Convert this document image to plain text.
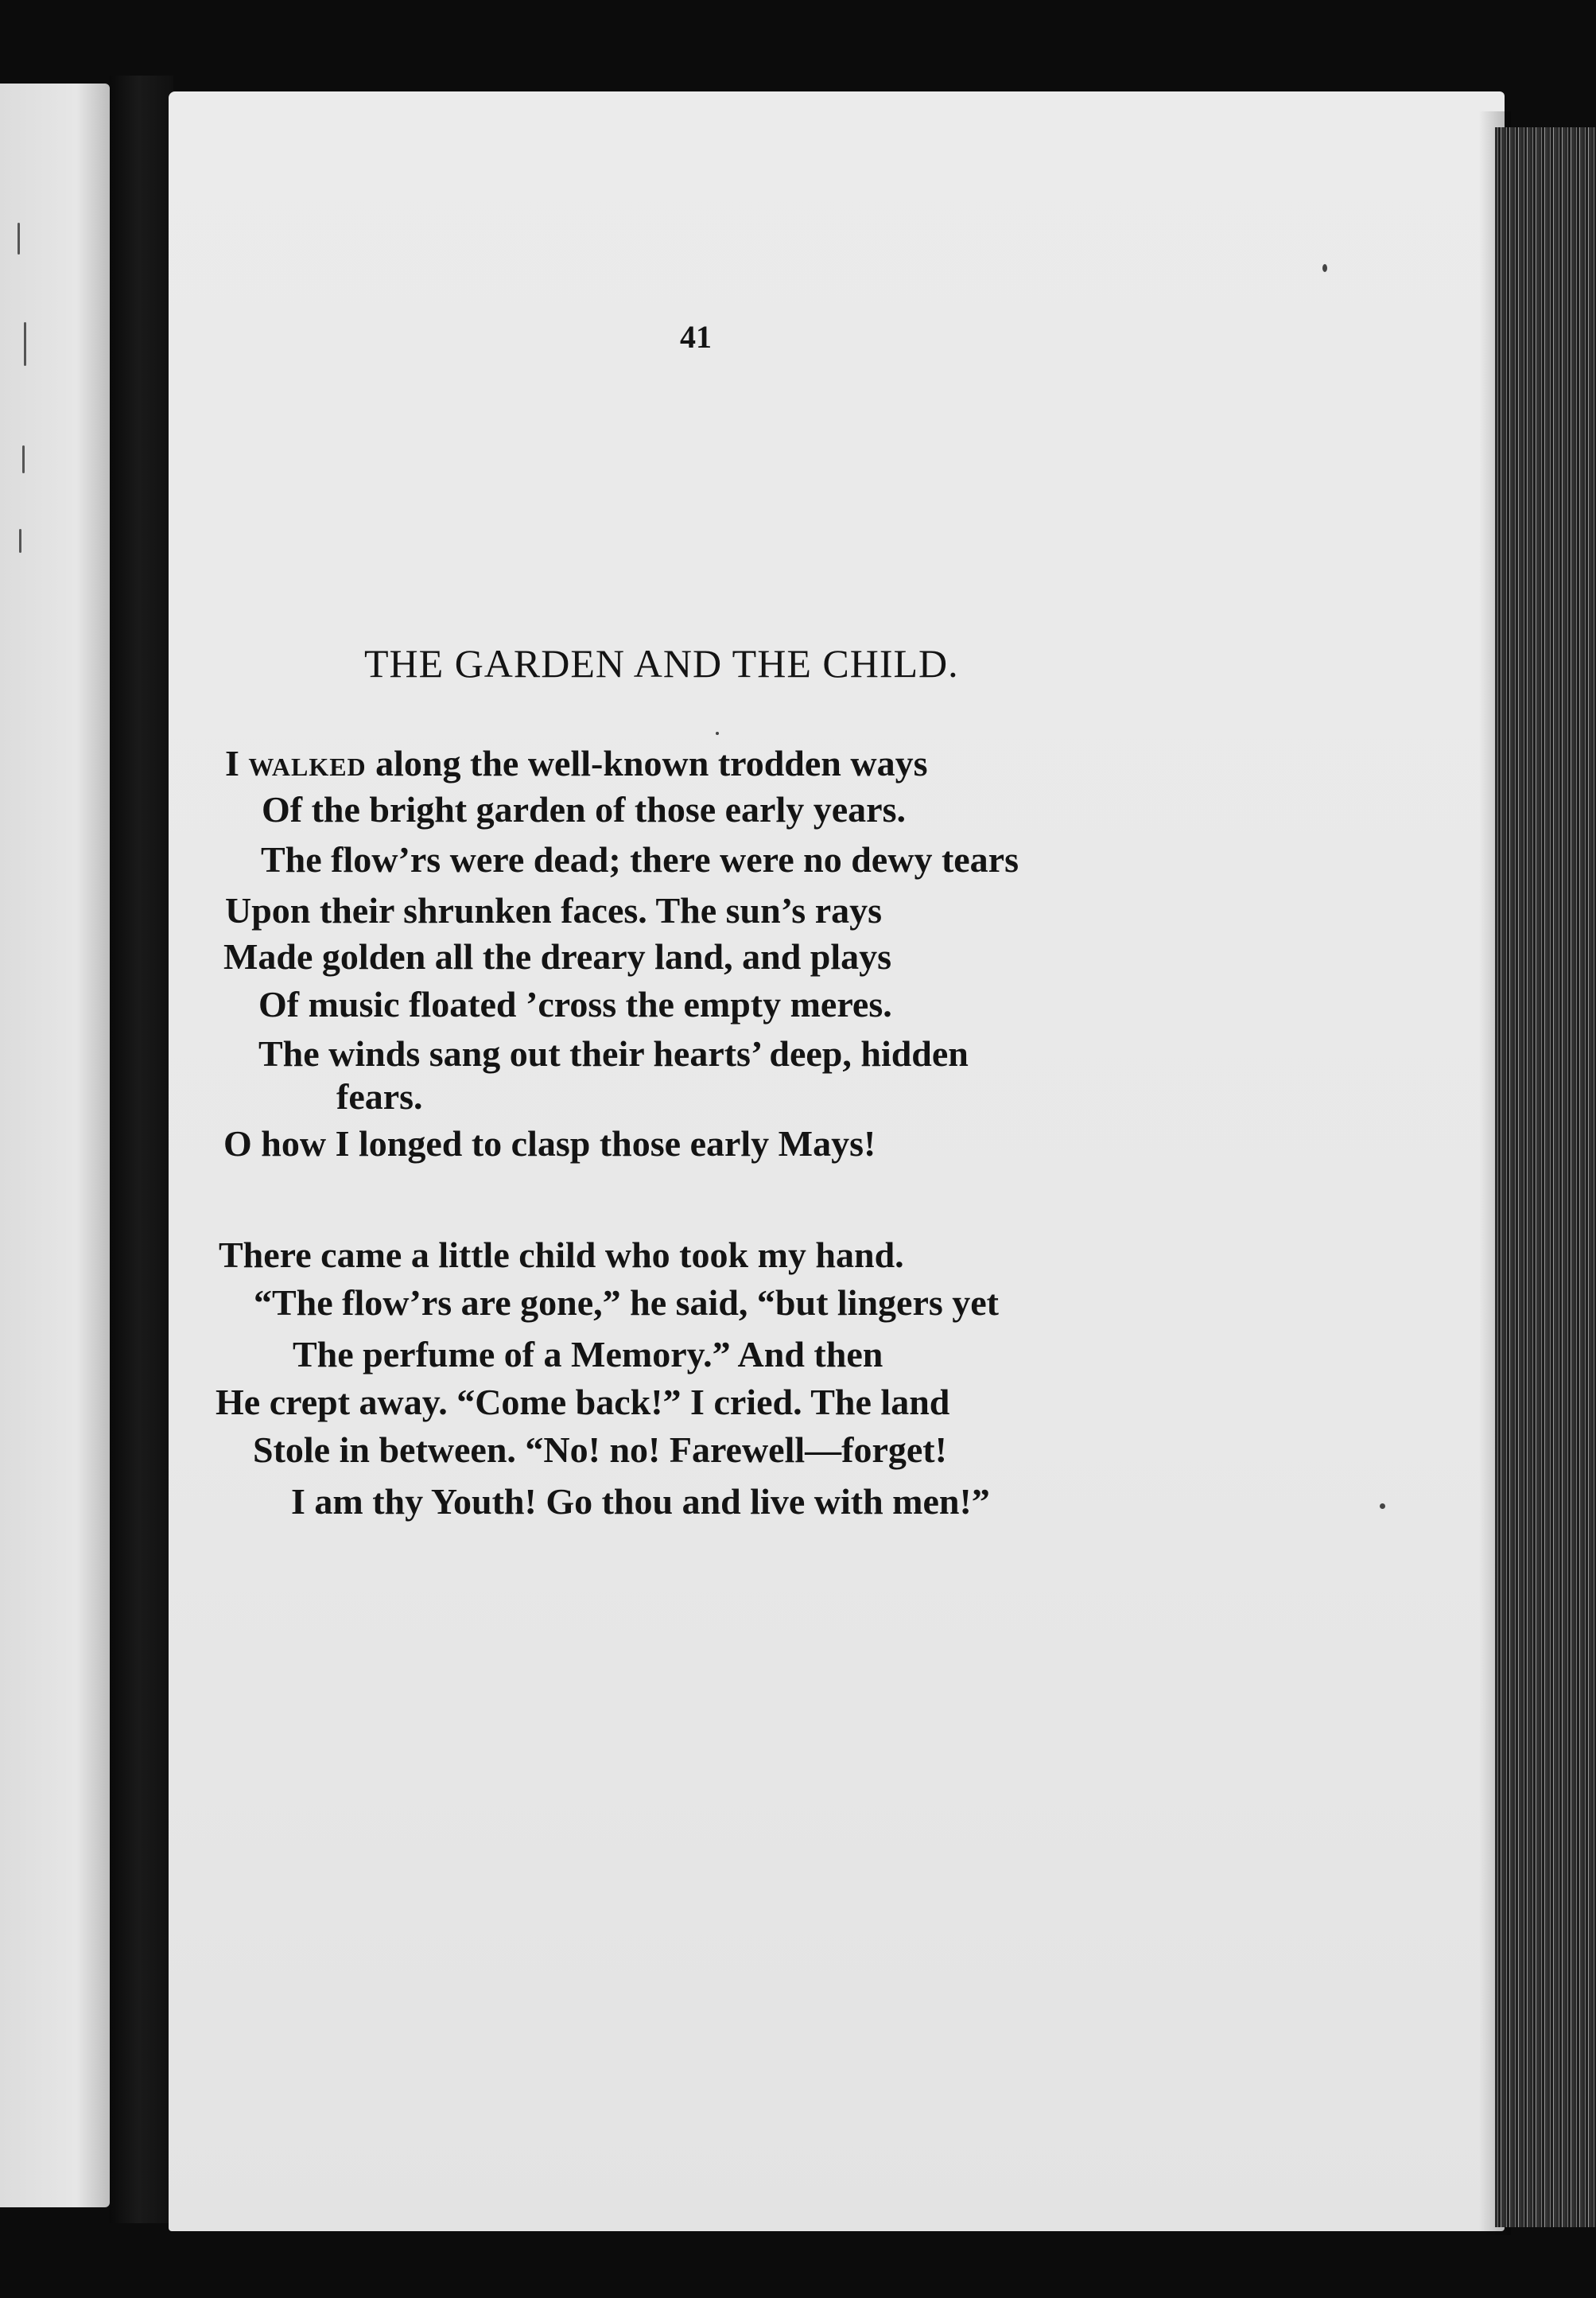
41
THE GARDEN AND THE CHILD.
I walked along the well-known trodden ways
Of the bright garden of those early years.
The flow’rs were dead; there were no dewy tears
Upon their shrunken faces. The sun’s rays
Made golden all the dreary land, and plays
Of music floated ’cross the empty meres.
The winds sang out their hearts’ deep, hidden
fears.
O how I longed to clasp those early Mays!
There came a little child who took my hand.
“The flow’rs are gone,” he said, “but lingers yet
The perfume of a Memory.” And then
He crept away. “Come back!” I cried. The land
Stole in between. “No! no! Farewell—forget!
I am thy Youth! Go thou and live with men!”
